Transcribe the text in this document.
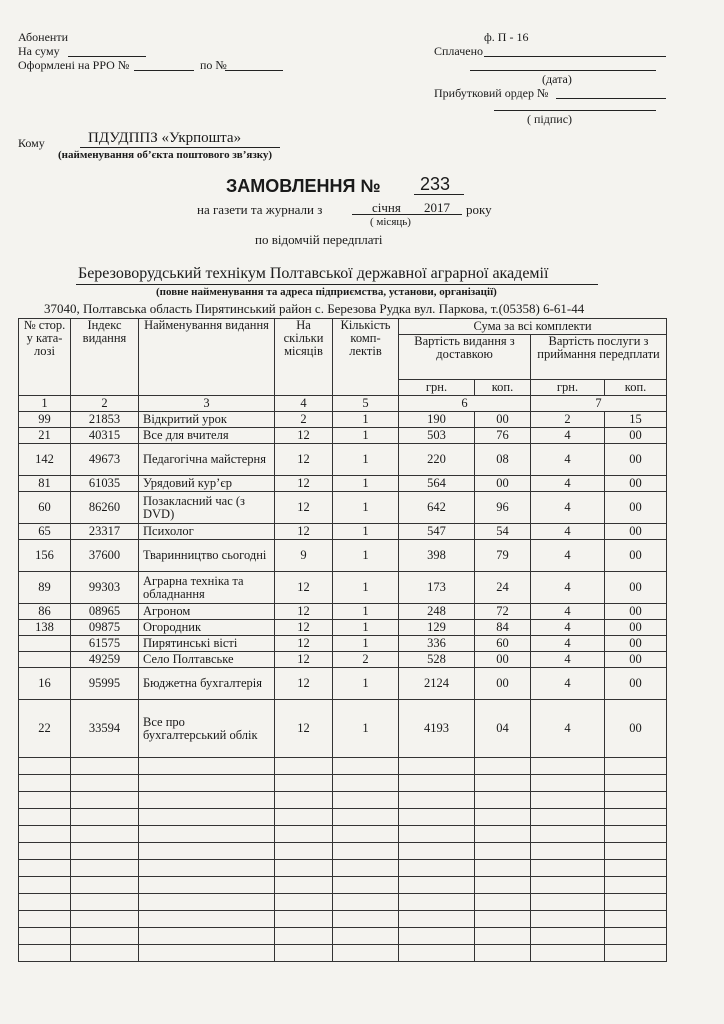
Абоненти
На суму
Оформлені на РРО №	по №
ф. П - 16
Сплачено
(дата)
Прибутковий ордер №
( підпис)
Кому	ПДУДППЗ «Укрпошта»
(найменування об’єкта поштового зв’язку)
ЗАМОВЛЕННЯ № 233
на газети та журнали з	січня 2017 року
( місяць)
по відомчій передплаті
Березоворудський технікум Полтавської державної аграрної академії
(повне найменування та адреса підприємства, установи, організації)
37040, Полтавська область Пирятинський район с. Березова Рудка вул. Паркова, т.(05358) 6-61-44
№ стор. у ката- лозі	Індекс видання	Найменування видання	На скільки місяців	Кількість комп- лектів	Сума за всі комплекти			
					Вартість видання з доставкою		Вартість послуги з приймання передплати	
					грн.	коп.	грн.	коп.
1	2	3	4	5	6		7	
99	21853	Відкритий урок	2	1	190	00	2	15
21	40315	Все для вчителя	12	1	503	76	4	00
142	49673	Педагогічна майстерня	12	1	220	08	4	00
81	61035	Урядовий кур’єр	12	1	564	00	4	00
60	86260	Позакласний час (з DVD)	12	1	642	96	4	00
65	23317	Психолог	12	1	547	54	4	00
156	37600	Тваринництво сьогодні	9	1	398	79	4	00
89	99303	Аграрна техніка та обладнання	12	1	173	24	4	00
86	08965	Агроном	12	1	248	72	4	00
138	09875	Огородник	12	1	129	84	4	00
	61575	Пирятинські вісті	12	1	336	60	4	00
	49259	Село Полтавське	12	2	528	00	4	00
16	95995	Бюджетна бухгалтерія	12	1	2124	00	4	00
22	33594	Все про бухгалтерський облік	12	1	4193	04	4	00
